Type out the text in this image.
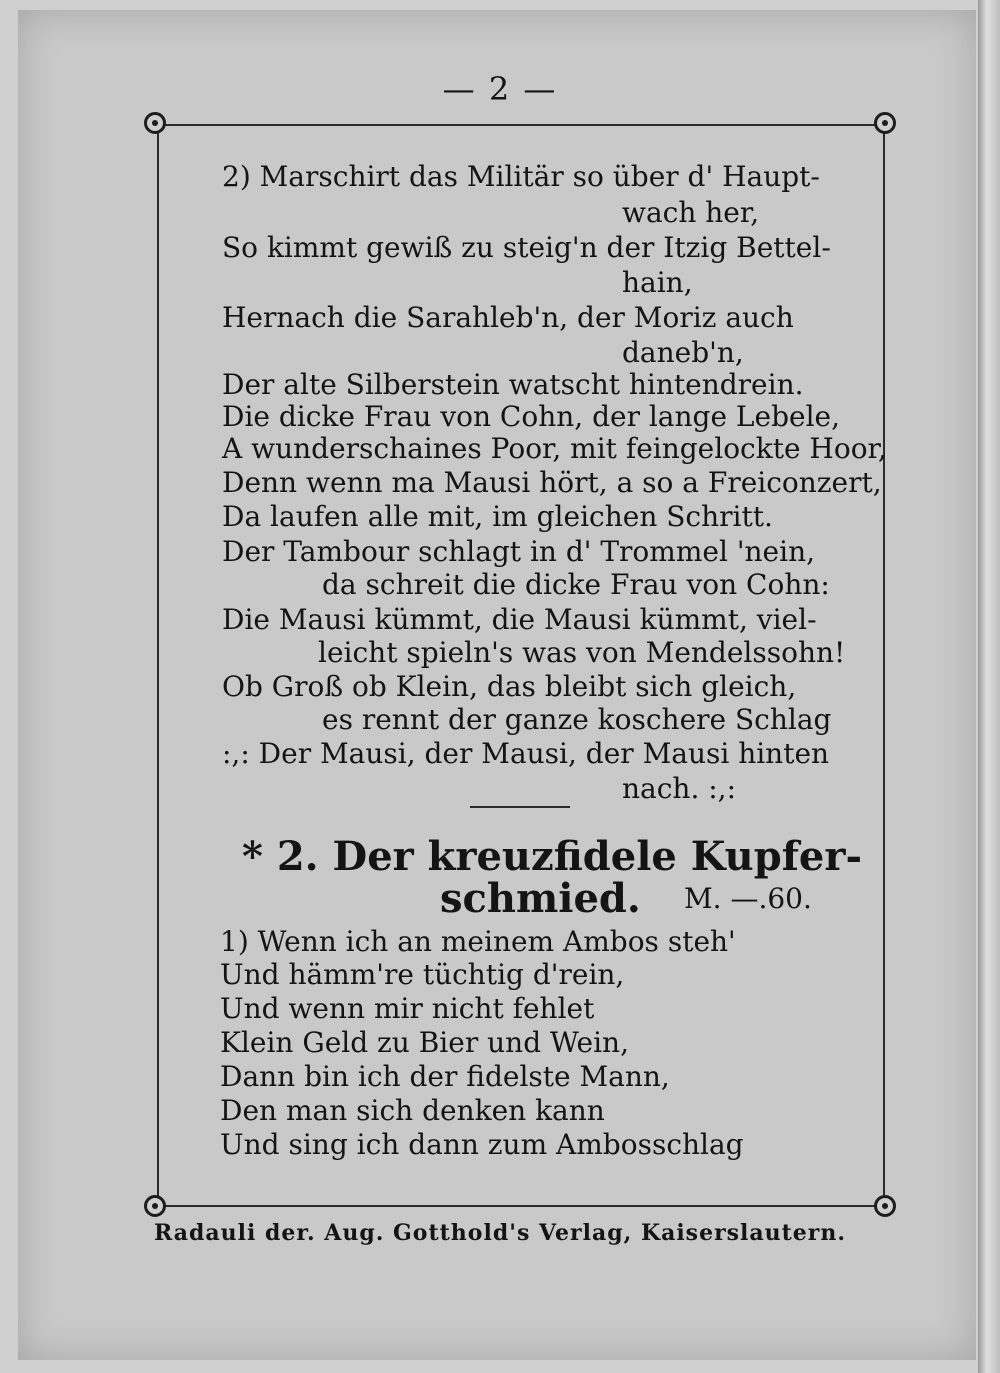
— 2 —
2) Marschirt das Militär so über d' Haupt-
wach her,
So kimmt gewiß zu steig'n der Itzig Bettel-
hain,
Hernach die Sarahleb'n, der Moriz auch
daneb'n,
Der alte Silberstein watscht hintendrein.
Die dicke Frau von Cohn, der lange Lebele,
A wunderschaines Poor, mit feingelockte Hoor,
Denn wenn ma Mausi hört, a so a Freiconzert,
Da laufen alle mit, im gleichen Schritt.
Der Tambour schlagt in d' Trommel 'nein,
da schreit die dicke Frau von Cohn:
Die Mausi kümmt, die Mausi kümmt, viel-
leicht spieln's was von Mendelssohn!
Ob Groß ob Klein, das bleibt sich gleich,
es rennt der ganze koschere Schlag
:,: Der Mausi, der Mausi, der Mausi hinten
nach. :,:
* 2. Der kreuzfidele Kupfer-
schmied. M. —.60.
1) Wenn ich an meinem Ambos steh'
Und hämm're tüchtig d'rein,
Und wenn mir nicht fehlet
Klein Geld zu Bier und Wein,
Dann bin ich der fidelste Mann,
Den man sich denken kann
Und sing ich dann zum Ambosschlag
Radauli der. Aug. Gotthold's Verlag, Kaiserslautern.
